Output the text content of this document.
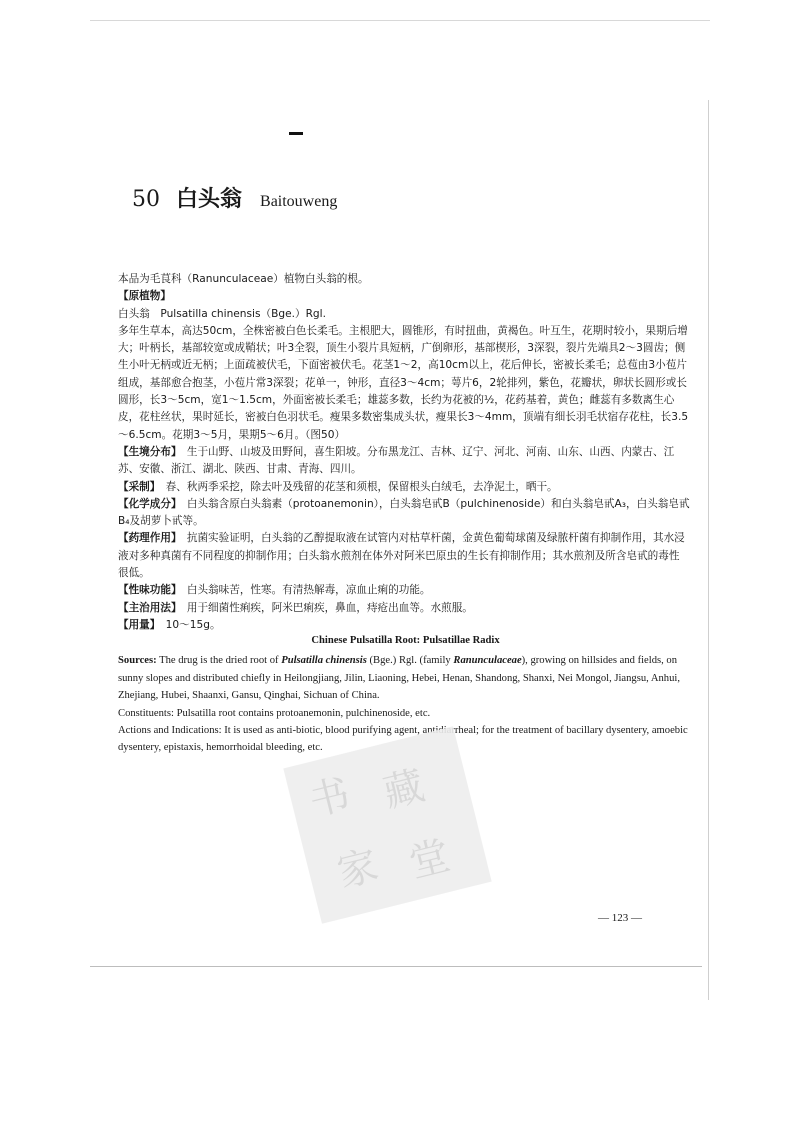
50 白头翁 Baitouweng

本品为毛茛科（Ranunculaceae）植物白头翁的根。

【原植物】

白头翁　Pulsatilla chinensis（Bge.）Rgl.

多年生草本，高达50cm，全株密被白色长柔毛。主根肥大，圆锥形，有时扭曲，黄褐色。叶互生，花期时较小，果期后增大；叶柄长，基部较宽或成鞘状；叶3全裂，顶生小裂片具短柄，广倒卵形，基部楔形，3深裂，裂片先端具2～3圆齿；侧生小叶无柄或近无柄；上面疏被伏毛，下面密被伏毛。花茎1～2，高10cm以上，花后伸长，密被长柔毛；总苞由3小苞片组成，基部愈合抱茎，小苞片常3深裂；花单一，钟形，直径3～4cm；萼片6，2轮排列，紫色，花瓣状，卵状长圆形或长圆形，长3～5cm，宽1～1.5cm，外面密被长柔毛；雄蕊多数，长约为花被的½，花药基着，黄色；雌蕊有多数离生心皮，花柱丝状，果时延长，密被白色羽状毛。瘦果多数密集成头状，瘦果长3～4mm，顶端有细长羽毛状宿存花柱，长3.5～6.5cm。花期3～5月，果期5～6月。（图50）

【生境分布】　 生于山野、山坡及田野间，喜生阳坡。分布黑龙江、吉林、辽宁、河北、河南、山东、山西、内蒙古、江苏、安徽、浙江、湖北、陕西、甘肃、青海、四川。

【采制】　 春、秋两季采挖，除去叶及残留的花茎和须根，保留根头白绒毛，去净泥土，晒干。

【化学成分】　 白头翁含原白头翁素（protoanemonin），白头翁皂甙B（pulchinenoside）和白头翁皂甙A₃，白头翁皂甙B₄及胡萝卜甙等。

【药理作用】　 抗菌实验证明，白头翁的乙醇提取液在试管内对枯草杆菌，金黄色葡萄球菌及绿脓杆菌有抑制作用，其水浸液对多种真菌有不同程度的抑制作用；白头翁水煎剂在体外对阿米巴原虫的生长有抑制作用；其水煎剂及所含皂甙的毒性很低。

【性味功能】　 白头翁味苦，性寒。有清热解毒，凉血止痢的功能。

【主治用法】　 用于细菌性痢疾，阿米巴痢疾，鼻血，痔疮出血等。水煎服。

【用量】　 10～15g。

Chinese Pulsatilla Root: Pulsatillae Radix

Sources: The drug is the dried root of Pulsatilla chinensis (Bge.) Rgl. (family Ranunculaceae), growing on hillsides and fields, on sunny slopes and distributed chiefly in Heilongjiang, Jilin, Liaoning, Hebei, Henan, Shandong, Shanxi, Nei Mongol, Jiangsu, Anhui, Zhejiang, Hubei, Shaanxi, Gansu, Qinghai, Sichuan of China.

Constituents: Pulsatilla root contains protoanemonin, pulchinenoside, etc.

Actions and Indications: It is used as anti-biotic, blood purifying agent, antidiarrheal; for the treatment of bacillary dysentery, amoebic dysentery, epistaxis, hemorrhoidal bleeding, etc.

书 藏
家 堂
— 123 —
